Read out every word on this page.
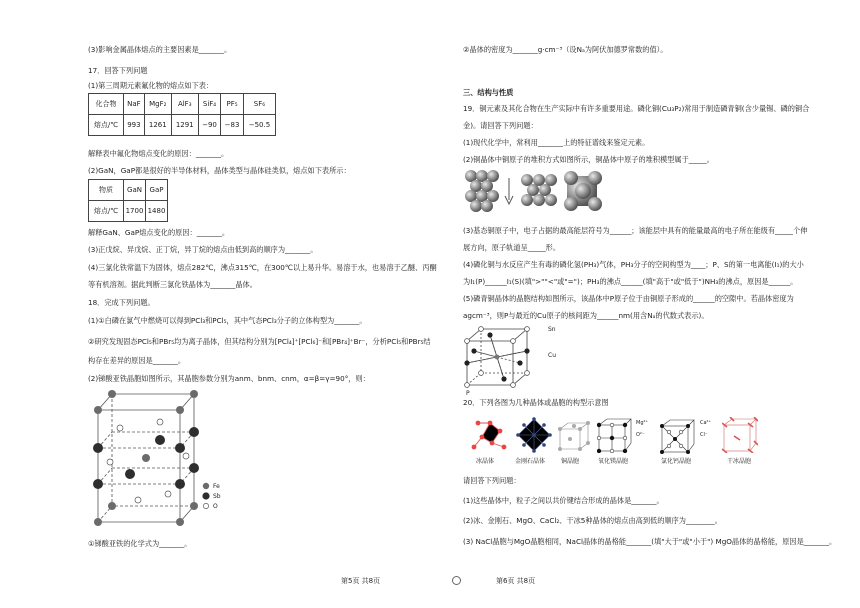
(3)影响金属晶体熔点的主要因素是_______。
17．回答下列问题
(1)第三周期元素氟化物的熔点如下表：
化合物	NaF	MgF₂	AlF₃	SiF₄	PF₅	SF₆
熔点/℃	993	1261	1291	−90	−83	−50.5
解释表中氟化物熔点变化的原因：_______。
(2)GaN，GaP都是很好的半导体材料，晶体类型与晶体硅类似，熔点如下表所示：
物质	GaN	GaP
熔点/℃	1700	1480
解释GaN、GaP熔点变化的原因：_______。
(3)正戊烷、异戊烷、正丁烷，异丁烷的熔点由低到高的顺序为_______。
(4)三氯化铁常温下为固体，熔点282℃，沸点315℃，在300℃以上易升华。易溶于水，也易溶于乙醚、丙酮
等有机溶剂。据此判断三氯化铁晶体为_______晶体。
18．完成下列问题。
(1)①白磷在氯气中燃烧可以得到PCl₃和PCl₅，其中气态PCl₃分子的立体构型为_______。
②研究发现固态PCl₅和PBr₅均为离子晶体，但其结构分别为[PCl₄]⁺[PCl₆]⁻和[PBr₄]⁺Br⁻，分析PCl₅和PBr₅结
构存在差异的原因是_______。
(2)锑酸亚铁晶胞如图所示，其晶胞参数分别为anm、bnm、cnm，α=β=γ=90°，则：
Fe
Sb
O
①锑酸亚铁的化学式为_______。
第5页 共8页
②晶体的密度为_______g·cm⁻³（设Nₐ为阿伏加德罗常数的值）。
三、结构与性质
19．铜元素及其化合物在生产实际中有许多重要用途。磷化铜(Cu₃P₂)常用于制造磷青铜(含少量锡、磷的铜合
金)。请回答下列问题：
(1)现代化学中，常利用_______上的特征谱线来鉴定元素。
(2)铜晶体中铜原子的堆积方式如图所示，铜晶体中原子的堆积模型属于_____。
(3)基态铜原子中，电子占据的最高能层符号为______；该能层中具有的能量最高的电子所在能级有_____个伸
展方向，原子轨道呈_____形。
(4)磷化铜与水反应产生有毒的磷化氢(PH₃)气体，PH₃分子的空间构型为____；P、S的第一电离能(I₁)的大小
为I₁(P)______I₁(S)(填">""<"或"=")；PH₃的沸点______(填"高于"或"低于")NH₃的沸点，原因是______。
(5)磷青铜晶体的晶胞结构如图所示，该晶体中P原子位于由铜原子形成的______的空隙中。若晶体密度为
agcm⁻³，则P与最近的Cu原子的核间距为______nm(用含Nₐ的代数式表示)。
Sn
Cu
P
20．下列各图为几种晶体或晶胞的构型示意图
Mg²⁺
O²⁻
Ca²⁺
Cl⁻
冰晶体	金刚石晶体	铜晶胞	氧化镁晶胞	氯化钙晶胞	干冰晶胞
请回答下列问题：
(1)这些晶体中，粒子之间以共价键结合形成的晶体是_______。
(2)冰、金刚石、MgO、CaCl₂、干冰5种晶体的熔点由高到低的顺序为________。
(3) NaCl晶胞与MgO晶胞相同，NaCl晶体的晶格能_______(填"大于"或"小于") MgO晶体的晶格能，原因是_______。
第6页 共8页
